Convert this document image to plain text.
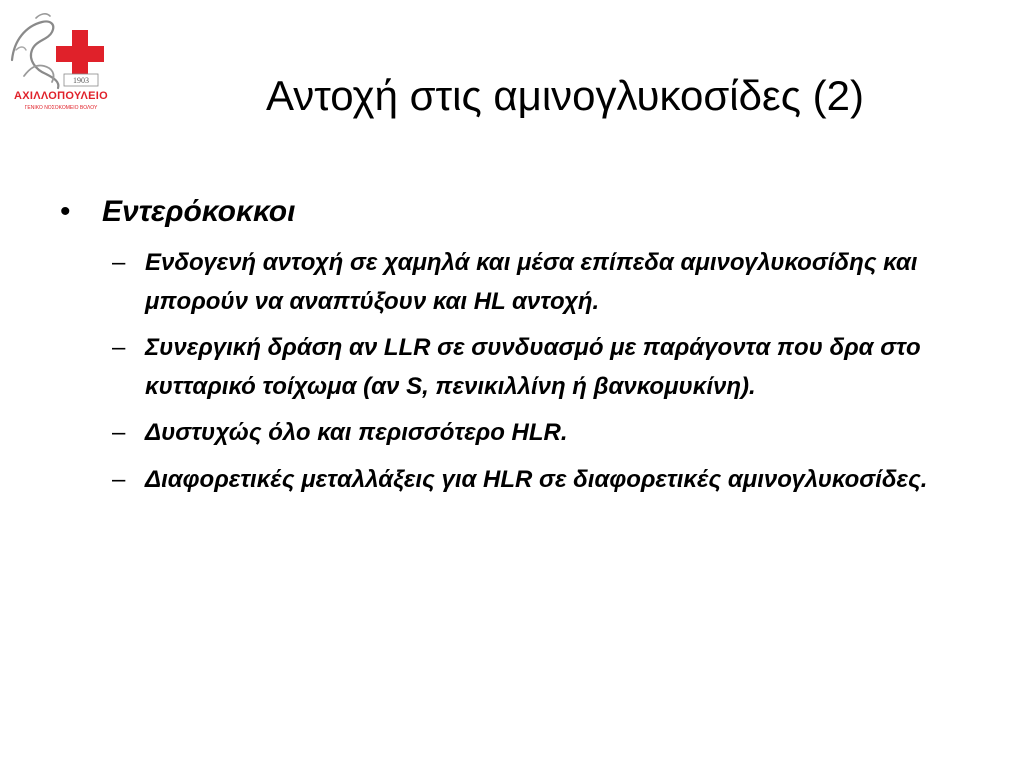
1903
ΑΧΙΛΛΟΠΟΥΛΕΙΟ
ΓΕΝΙΚΟ ΝΟΣΟΚΟΜΕΙΟ ΒΟΛΟΥ	Αντοχή στις αμινογλυκοσίδες (2)
• Εντερόκοκκοι
– Ενδογενή αντοχή σε χαμηλά και μέσα επίπεδα αμινογλυκοσίδης και μπορούν να αναπτύξουν και HL αντοχή.
– Συνεργική δράση αν LLR σε συνδυασμό με παράγοντα που δρα στο κυτταρικό τοίχωμα (αν S, πενικιλλίνη ή βανκομυκίνη).
– Δυστυχώς όλο και περισσότερο HLR.
– Διαφορετικές μεταλλάξεις για HLR σε διαφορετικές αμινογλυκοσίδες.
